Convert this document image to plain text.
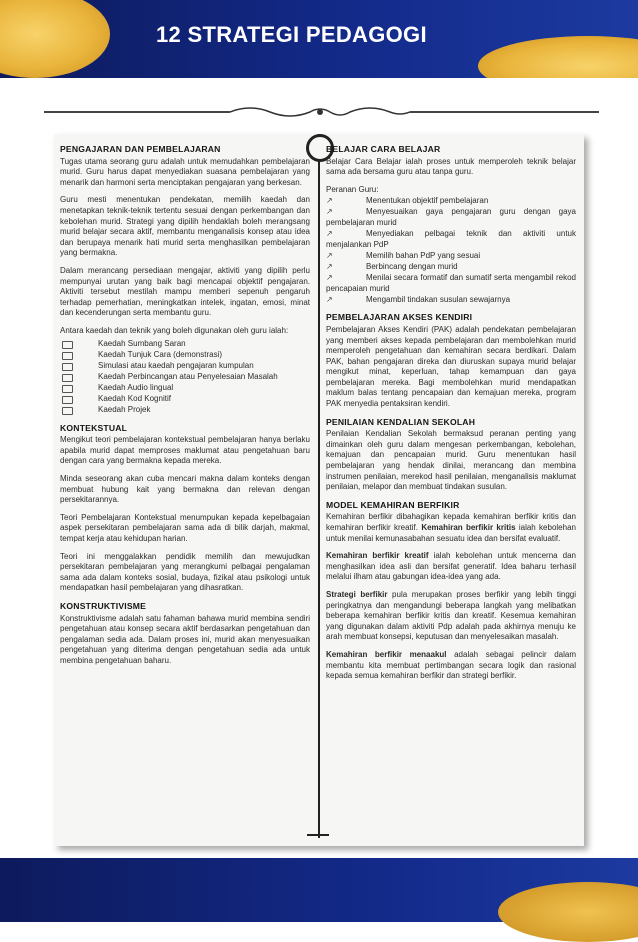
12 STRATEGI PEDAGOGI
PENGAJARAN DAN PEMBELAJARAN

Tugas utama seorang guru adalah untuk memudahkan pembelajaran murid. Guru harus dapat menyediakan suasana pembelajaran yang menarik dan harmoni serta menciptakan pengajaran yang berkesan.

Guru mesti menentukan pendekatan, memilih kaedah dan menetapkan teknik-teknik tertentu sesuai dengan perkembangan dan kebolehan murid. Strategi yang dipilih hendaklah boleh merangsang murid belajar secara aktif, membantu menganalisis konsep atau idea dan berupaya menarik hati murid serta menghasilkan pembelajaran yang bermakna.

Dalam merancang persediaan mengajar, aktiviti yang dipilih perlu mempunyai urutan yang baik bagi mencapai objektif pengajaran. Aktiviti tersebut mestilah mampu memberi sepenuh pengaruh terhadap pemerhatian, meningkatkan intelek, ingatan, emosi, minat dan kecenderungan serta membantu guru.

Antara kaedah dan teknik yang boleh digunakan oleh guru ialah:

Kaedah Sumbang Saran
Kaedah Tunjuk Cara (demonstrasi)
Simulasi atau kaedah pengajaran kumpulan
Kaedah Perbincangan atau Penyelesaian Masalah
Kaedah Audio lingual
Kaedah Kod Kognitif
Kaedah Projek
KONTEKSTUAL

Mengikut teori pembelajaran kontekstual pembelajaran hanya berlaku apabila murid dapat memproses maklumat atau pengetahuan baru dengan cara yang bermakna kepada mereka.

Minda seseorang akan cuba mencari makna dalam konteks dengan membuat hubung kait yang bermakna dan relevan dengan persekitarannya.

Teori Pembelajaran Kontekstual menumpukan kepada kepelbagaian aspek persekitaran pembelajaran sama ada di bilik darjah, makmal, tempat kerja atau kehidupan harian.

Teori ini menggalakkan pendidik memilih dan mewujudkan persekitaran pembelajaran yang merangkumi pelbagai pengalaman sama ada dalam konteks sosial, budaya, fizikal atau psikologi untuk mendapatkan hasil pembelajaran yang dihasratkan.

KONSTRUKTIVISME

Konstruktivisme adalah satu fahaman bahawa murid membina sendiri pengetahuan atau konsep secara aktif berdasarkan pengetahuan dan pengalaman sedia ada. Dalam proses ini, murid akan menyesuaikan pengetahuan yang diterima dengan pengetahuan sedia ada untuk membina pengetahuan baharu.

BELAJAR CARA BELAJAR

Belajar Cara Belajar ialah proses untuk memperoleh teknik belajar sama ada bersama guru atau tanpa guru.

Peranan Guru:

↗	Menentukan objektif pembelajaran
↗	Menyesuaikan gaya pengajaran guru dengan gaya pembelajaran murid
↗	Menyediakan pelbagai teknik dan aktiviti untuk menjalankan PdP
↗	Memilih bahan PdP yang sesuai
↗	Berbincang dengan murid
↗	Menilai secara formatif dan sumatif serta mengambil rekod pencapaian murid
↗	Mengambil tindakan susulan sewajarnya
PEMBELAJARAN AKSES KENDIRI

Pembelajaran Akses Kendiri (PAK) adalah pendekatan pembelajaran yang memberi akses kepada pembelajaran dan membolehkan murid memperoleh pengetahuan dan kemahiran secara berdikari. Dalam PAK, bahan pengajaran direka dan diuruskan supaya murid belajar mengikut minat, keperluan, tahap kemampuan dan gaya pembelajaran mereka. Bagi membolehkan murid mendapatkan maklum balas tentang pencapaian dan kemajuan mereka, program PAK menyedia pentaksiran kendiri.

PENILAIAN KENDALIAN SEKOLAH

Penilaian Kendalian Sekolah bermaksud peranan penting yang dimainkan oleh guru dalam mengesan perkembangan, kebolehan, kemajuan dan pencapaian murid. Guru menentukan hasil pembelajaran yang hendak dinilai, merancang dan membina instrumen penilaian, merekod hasil penilaian, menganalisis maklumat penilaian, melapor dan membuat tindakan susulan.

MODEL KEMAHIRAN BERFIKIR

Kemahiran berfikir dibahagikan kepada kemahiran berfikir kritis dan kemahiran berfikir kreatif. Kemahiran berfikir kritis ialah kebolehan untuk menilai kemunasabahan sesuatu idea dan bersifat evaluatif.

Kemahiran berfikir kreatif ialah kebolehan untuk mencerna dan menghasilkan idea asli dan bersifat generatif. Idea baharu terhasil melalui ilham atau gabungan idea-idea yang ada.

Strategi berfikir pula merupakan proses berfikir yang lebih tinggi peringkatnya dan mengandungi beberapa langkah yang melibatkan beberapa kemahiran berfikir kritis dan kreatif. Kesemua kemahiran yang digunakan dalam aktiviti Pdp adalah pada akhirnya menuju ke arah membuat konsepsi, keputusan dan menyelesaikan masalah.

Kemahiran berfikir menaakul adalah sebagai pelincir dalam membantu kita membuat pertimbangan secara logik dan rasional kepada semua kemahiran berfikir dan strategi berfikir.
